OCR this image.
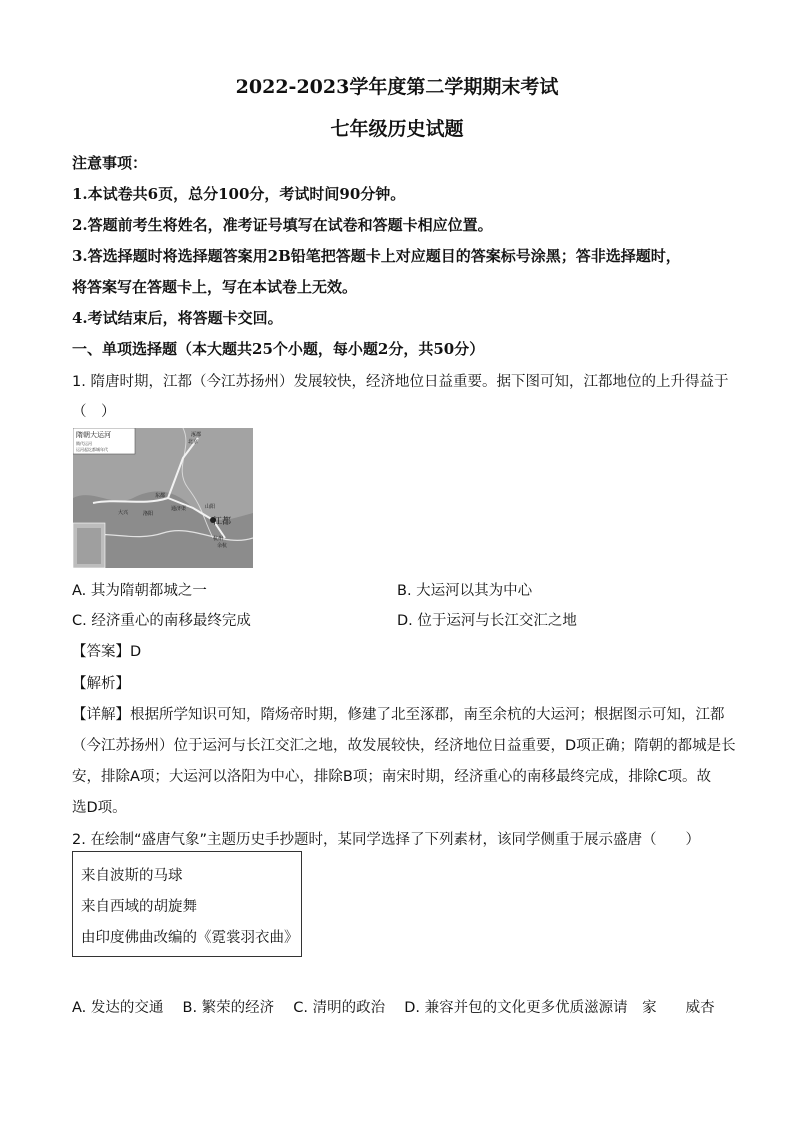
2022-2023学年度第二学期期末考试
七年级历史试题
注意事项：
1.本试卷共6页，总分100分，考试时间90分钟。
2.答题前考生将姓名，准考证号填写在试卷和答题卡相应位置。
3.答选择题时将选择题答案用2B铅笔把答题卡上对应题目的答案标号涂黑；答非选择题时，
将答案写在答题卡上，写在本试卷上无效。
4.考试结束后，将答题卡交回。
一、单项选择题（本大题共25个小题，每小题2分，共50分）
1. 隋唐时期，江都（今江苏扬州）发展较快，经济地位日益重要。据下图可知，江都地位的上升得益于
（　）
隋朝大运河
隋代运河
运河起讫都城年代
涿郡
北京
大兴	洛阳
东都
通济渠	山阳
江都
杭州
余杭
A. 其为隋朝都城之一	B. 大运河以其为中心
C. 经济重心的南移最终完成	D. 位于运河与长江交汇之地
【答案】D
【解析】
【详解】根据所学知识可知，隋炀帝时期，修建了北至涿郡，南至余杭的大运河；根据图示可知，江都
（今江苏扬州）位于运河与长江交汇之地，故发展较快，经济地位日益重要，D项正确；隋朝的都城是长
安，排除A项；大运河以洛阳为中心，排除B项；南宋时期，经济重心的南移最终完成，排除C项。故
选D项。
2. 在绘制“盛唐气象”主题历史手抄题时，某同学选择了下列素材，该同学侧重于展示盛唐（　　）
来自波斯的马球
来自西域的胡旋舞
由印度佛曲改编的《霓裳羽衣曲》
A. 发达的交通　 B. 繁荣的经济　 C. 清明的政治　 D. 兼容并包的文化更多优质滋源请　家　　威杏
